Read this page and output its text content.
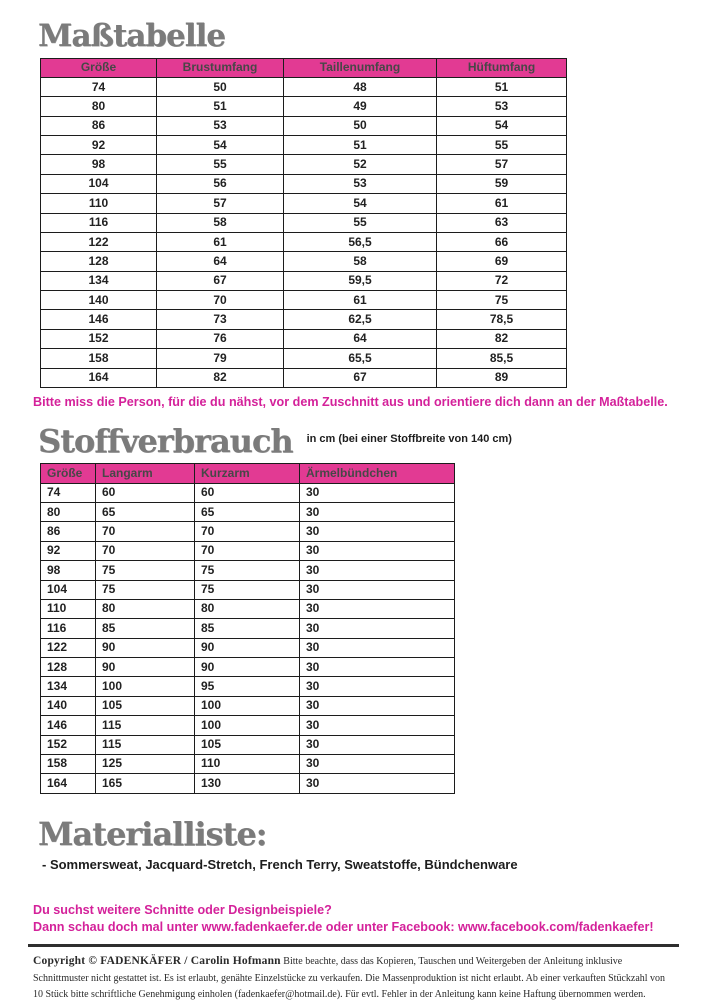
Maßtabelle
Größe	Brustumfang	Taillenumfang	Hüftumfang
74	50	48	51
80	51	49	53
86	53	50	54
92	54	51	55
98	55	52	57
104	56	53	59
110	57	54	61
116	58	55	63
122	61	56,5	66
128	64	58	69
134	67	59,5	72
140	70	61	75
146	73	62,5	78,5
152	76	64	82
158	79	65,5	85,5
164	82	67	89

Bitte miss die Person, für die du nähst, vor dem Zuschnitt aus und orientiere dich dann an der Maßtabelle.

Stoffverbrauch in cm (bei einer Stoffbreite von 140 cm)
Größe	Langarm	Kurzarm	Ärmelbündchen
74	60	60	30
80	65	65	30
86	70	70	30
92	70	70	30
98	75	75	30
104	75	75	30
110	80	80	30
116	85	85	30
122	90	90	30
128	90	90	30
134	100	95	30
140	105	100	30
146	115	100	30
152	115	105	30
158	125	110	30
164	165	130	30
Materialliste:

- Sommersweat, Jacquard-Stretch, French Terry, Sweatstoffe, Bündchenware

Du suchst weitere Schnitte oder Designbeispiele?
Dann schau doch mal unter www.fadenkaefer.de oder unter Facebook: www.facebook.com/fadenkaefer!

Copyright © FADENKÄFER / Carolin Hofmann Bitte beachte, dass das Kopieren, Tauschen und Weitergeben der Anleitung inklusive Schnittmuster nicht gestattet ist. Es ist erlaubt, genähte Einzelstücke zu verkaufen. Die Massenproduktion ist nicht erlaubt. Ab einer verkauften Stückzahl von 10 Stück bitte schriftliche Genehmigung einholen (fadenkaefer@hotmail.de). Für evtl. Fehler in der Anleitung kann keine Haftung übernommen werden.
